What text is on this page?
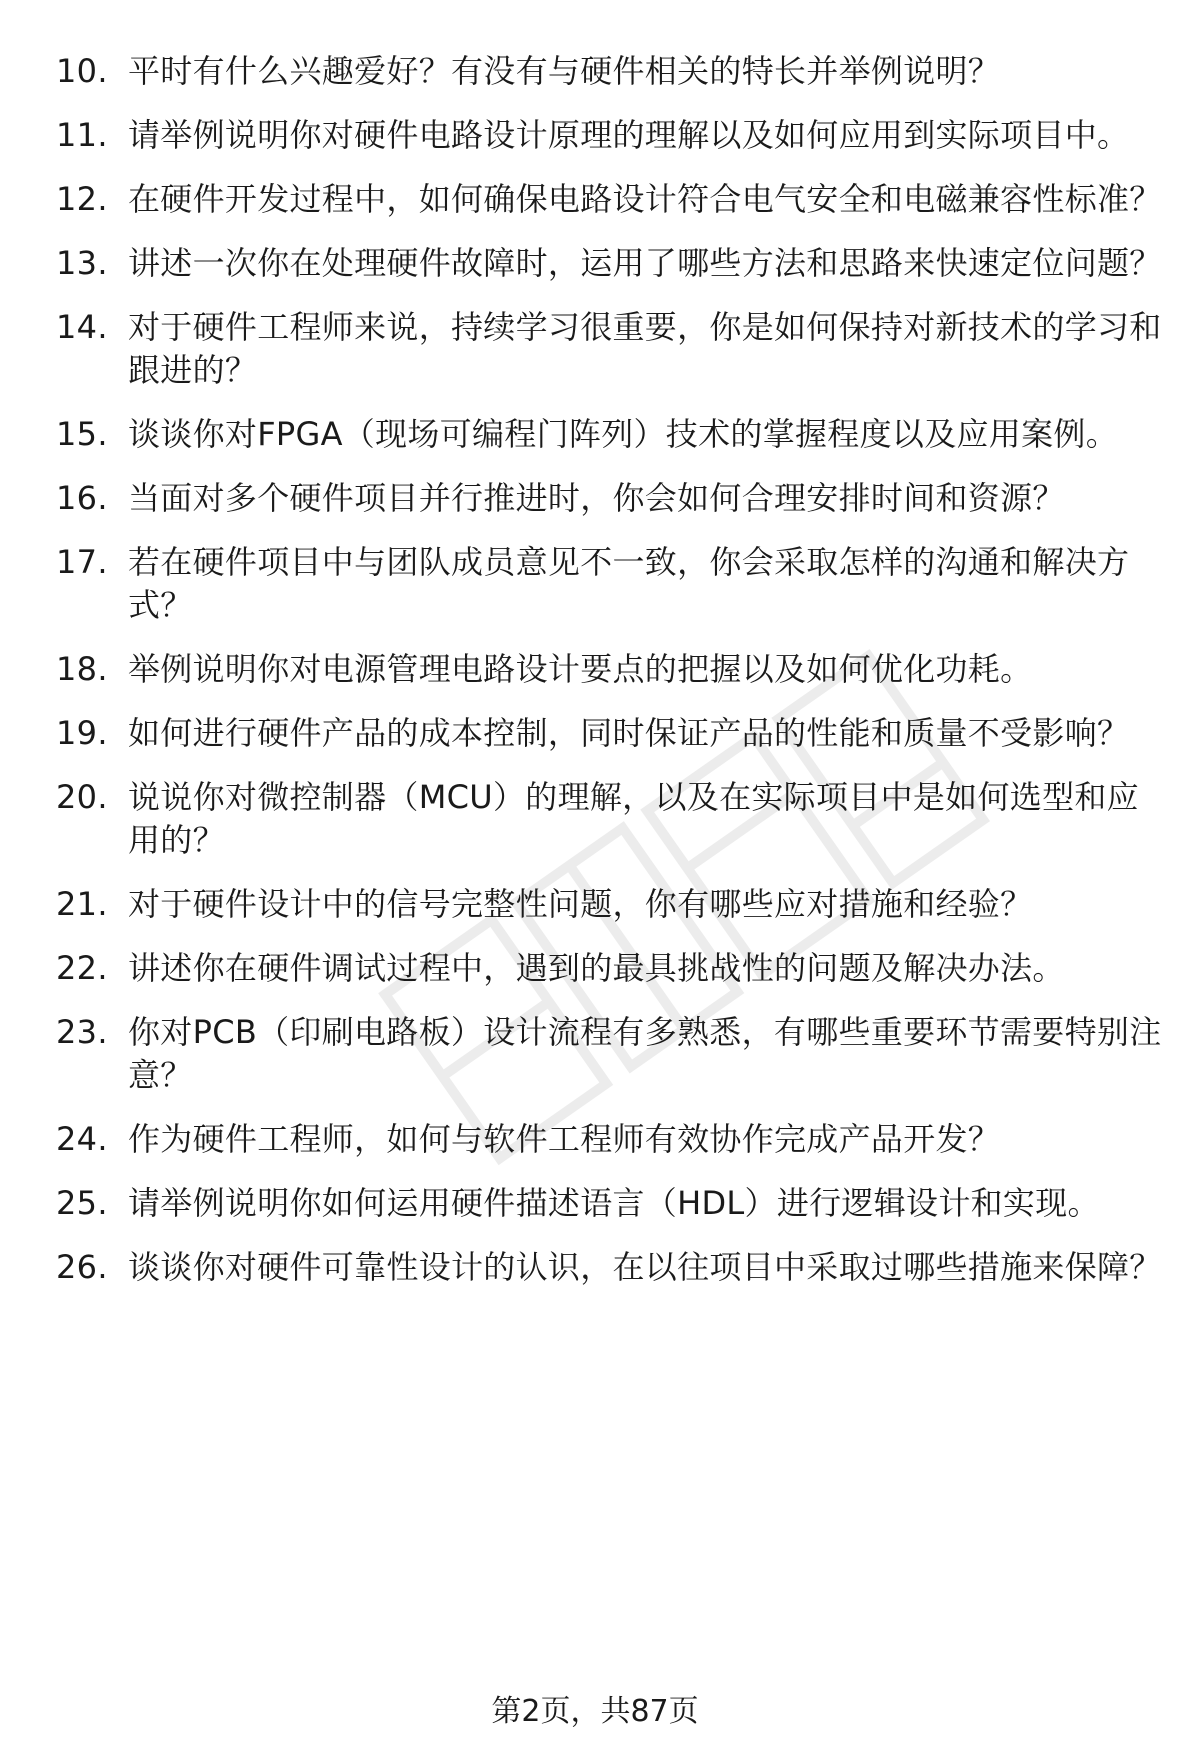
10. 平时有什么兴趣爱好？有没有与硬件相关的特长并举例说明？
11. 请举例说明你对硬件电路设计原理的理解以及如何应用到实际项目中。
12. 在硬件开发过程中，如何确保电路设计符合电气安全和电磁兼容性标准？
13. 讲述一次你在处理硬件故障时，运用了哪些方法和思路来快速定位问题？
14. 对于硬件工程师来说，持续学习很重要，你是如何保持对新技术的学习和跟进的？
15. 谈谈你对FPGA（现场可编程门阵列）技术的掌握程度以及应用案例。
16. 当面对多个硬件项目并行推进时，你会如何合理安排时间和资源？
17. 若在硬件项目中与团队成员意见不一致，你会采取怎样的沟通和解决方式？
18. 举例说明你对电源管理电路设计要点的把握以及如何优化功耗。
19. 如何进行硬件产品的成本控制，同时保证产品的性能和质量不受影响？
20. 说说你对微控制器（MCU）的理解，以及在实际项目中是如何选型和应用的？
21. 对于硬件设计中的信号完整性问题，你有哪些应对措施和经验？
22. 讲述你在硬件调试过程中，遇到的最具挑战性的问题及解决办法。
23. 你对PCB（印刷电路板）设计流程有多熟悉，有哪些重要环节需要特别注意？
24. 作为硬件工程师，如何与软件工程师有效协作完成产品开发？
25. 请举例说明你如何运用硬件描述语言（HDL）进行逻辑设计和实现。
26. 谈谈你对硬件可靠性设计的认识，在以往项目中采取过哪些措施来保障？
第2页，共87页
